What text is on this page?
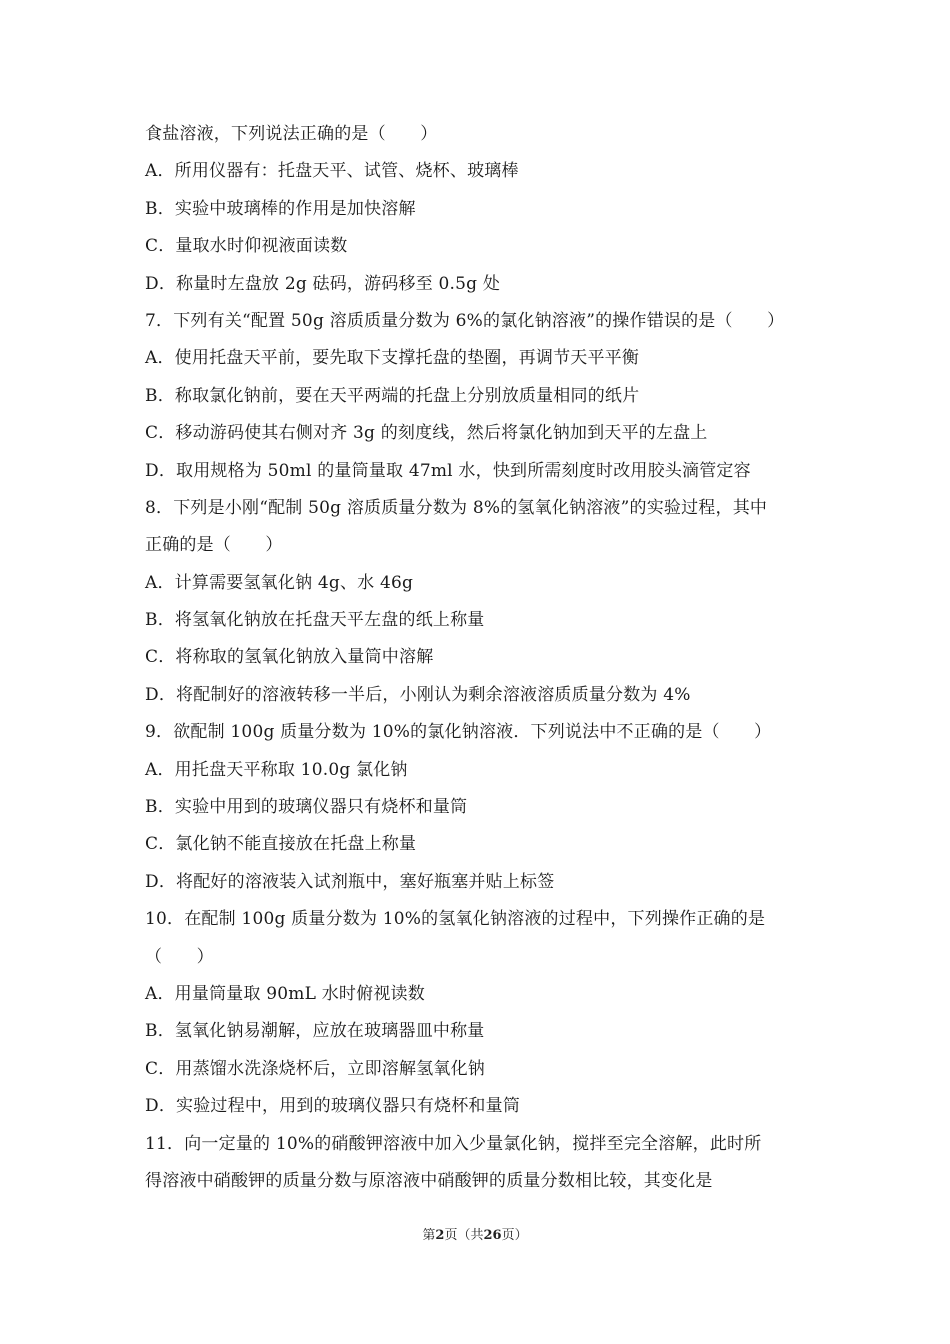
食盐溶液，下列说法正确的是（　　）
A．所用仪器有：托盘天平、试管、烧杯、玻璃棒
B．实验中玻璃棒的作用是加快溶解
C．量取水时仰视液面读数
D．称量时左盘放 2g 砝码，游码移至 0.5g 处
7．下列有关“配置 50g 溶质质量分数为 6%的氯化钠溶液”的操作错误的是（　　）
A．使用托盘天平前，要先取下支撑托盘的垫圈，再调节天平平衡
B．称取氯化钠前，要在天平两端的托盘上分别放质量相同的纸片
C．移动游码使其右侧对齐 3g 的刻度线，然后将氯化钠加到天平的左盘上
D．取用规格为 50ml 的量筒量取 47ml 水，快到所需刻度时改用胶头滴管定容
8．下列是小刚“配制 50g 溶质质量分数为 8%的氢氧化钠溶液”的实验过程，其中
正确的是（　　）
A．计算需要氢氧化钠 4g、水 46g
B．将氢氧化钠放在托盘天平左盘的纸上称量
C．将称取的氢氧化钠放入量筒中溶解
D．将配制好的溶液转移一半后，小刚认为剩余溶液溶质质量分数为 4%
9．欲配制 100g 质量分数为 10%的氯化钠溶液．下列说法中不正确的是（　　）
A．用托盘天平称取 10.0g 氯化钠
B．实验中用到的玻璃仪器只有烧杯和量筒
C．氯化钠不能直接放在托盘上称量
D．将配好的溶液装入试剂瓶中，塞好瓶塞并贴上标签
10．在配制 100g 质量分数为 10%的氢氧化钠溶液的过程中，下列操作正确的是
（　　）
A．用量筒量取 90mL 水时俯视读数
B．氢氧化钠易潮解，应放在玻璃器皿中称量
C．用蒸馏水洗涤烧杯后，立即溶解氢氧化钠
D．实验过程中，用到的玻璃仪器只有烧杯和量筒
11．向一定量的 10%的硝酸钾溶液中加入少量氯化钠，搅拌至完全溶解，此时所
得溶液中硝酸钾的质量分数与原溶液中硝酸钾的质量分数相比较，其变化是
第2页（共26页）
